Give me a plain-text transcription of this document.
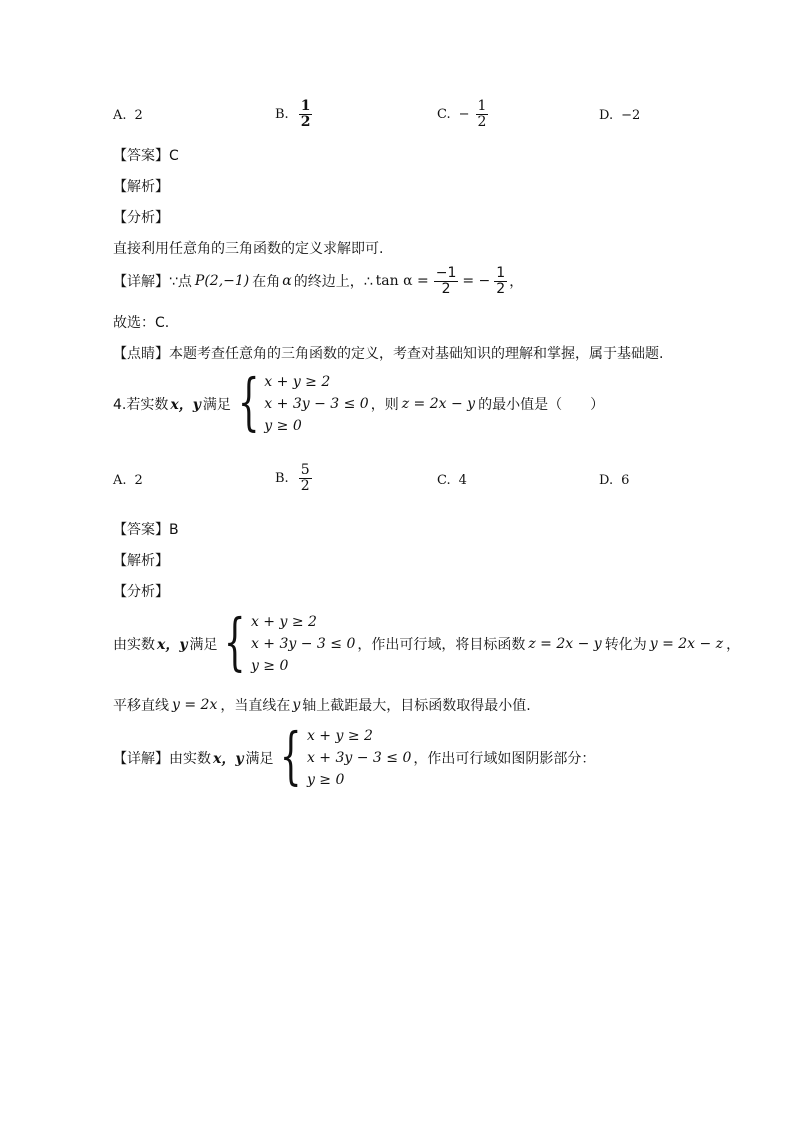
A. 2	B. $\frac{1}{2}$	C. − $\frac{1}{2}$	D. −2
【答案】C
【解析】
【分析】
直接利用任意角的三角函数的定义求解即可.
【详解】∵点 P(2,−1) 在角 α 的终边上，∴ $\tan \alpha = \frac{-1}{2}$ = − $\frac{1}{2}$ ，
故选：C.
【点睛】本题考查任意角的三角函数的定义，考查对基础知识的理解和掌握，属于基础题.
4.若实数 x，y 满足 { x + y ≥ 2
x + 3y − 3 ≤ 0
y ≥ 0
，则 z = 2x − y 的最小值是（　　）
A. 2	B. $\frac{5}{2}$	C. 4	D. 6
【答案】B
【解析】
【分析】
由实数 x，y 满足 { x + y ≥ 2
x + 3y − 3 ≤ 0
y ≥ 0
，作出可行域，将目标函数 z = 2x − y 转化为 y = 2x − z ，
平移直线 y = 2x ，当直线在 y 轴上截距最大，目标函数取得最小值.
【详解】由实数 x，y 满足 { x + y ≥ 2
x + 3y − 3 ≤ 0
y ≥ 0
，作出可行域如图阴影部分：
